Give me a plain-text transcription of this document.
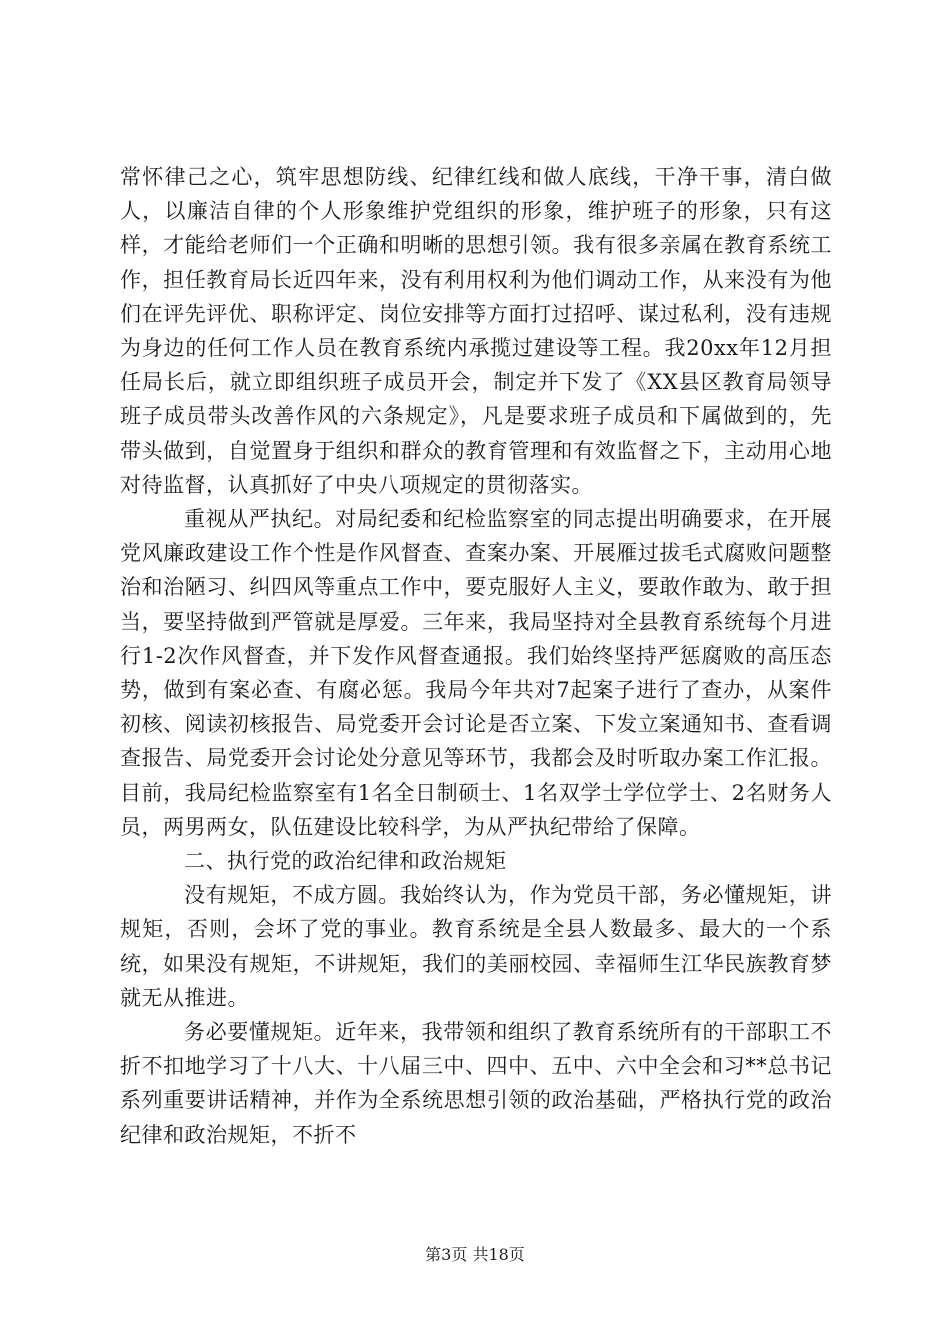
常怀律己之心，筑牢思想防线、纪律红线和做人底线，干净干事，清白做人，以廉洁自律的个人形象维护党组织的形象，维护班子的形象，只有这样，才能给老师们一个正确和明晰的思想引领。我有很多亲属在教育系统工作，担任教育局长近四年来，没有利用权利为他们调动工作，从来没有为他们在评先评优、职称评定、岗位安排等方面打过招呼、谋过私利，没有违规为身边的任何工作人员在教育系统内承揽过建设等工程。我20xx年12月担任局长后，就立即组织班子成员开会，制定并下发了《XX县区教育局领导班子成员带头改善作风的六条规定》，凡是要求班子成员和下属做到的，先带头做到，自觉置身于组织和群众的教育管理和有效监督之下，主动用心地对待监督，认真抓好了中央八项规定的贯彻落实。

重视从严执纪。对局纪委和纪检监察室的同志提出明确要求，在开展党风廉政建设工作个性是作风督查、查案办案、开展雁过拔毛式腐败问题整治和治陋习、纠四风等重点工作中，要克服好人主义，要敢作敢为、敢于担当，要坚持做到严管就是厚爱。三年来，我局坚持对全县教育系统每个月进行1-2次作风督查，并下发作风督查通报。我们始终坚持严惩腐败的高压态势，做到有案必查、有腐必惩。我局今年共对7起案子进行了查办，从案件初核、阅读初核报告、局党委开会讨论是否立案、下发立案通知书、查看调查报告、局党委开会讨论处分意见等环节，我都会及时听取办案工作汇报。目前，我局纪检监察室有1名全日制硕士、1名双学士学位学士、2名财务人员，两男两女，队伍建设比较科学，为从严执纪带给了保障。

二、执行党的政治纪律和政治规矩

没有规矩，不成方圆。我始终认为，作为党员干部，务必懂规矩，讲规矩，否则，会坏了党的事业。教育系统是全县人数最多、最大的一个系统，如果没有规矩，不讲规矩，我们的美丽校园、幸福师生江华民族教育梦就无从推进。

务必要懂规矩。近年来，我带领和组织了教育系统所有的干部职工不折不扣地学习了十八大、十八届三中、四中、五中、六中全会和习**总书记系列重要讲话精神，并作为全系统思想引领的政治基础，严格执行党的政治纪律和政治规矩，不折不

第3页 共18页
